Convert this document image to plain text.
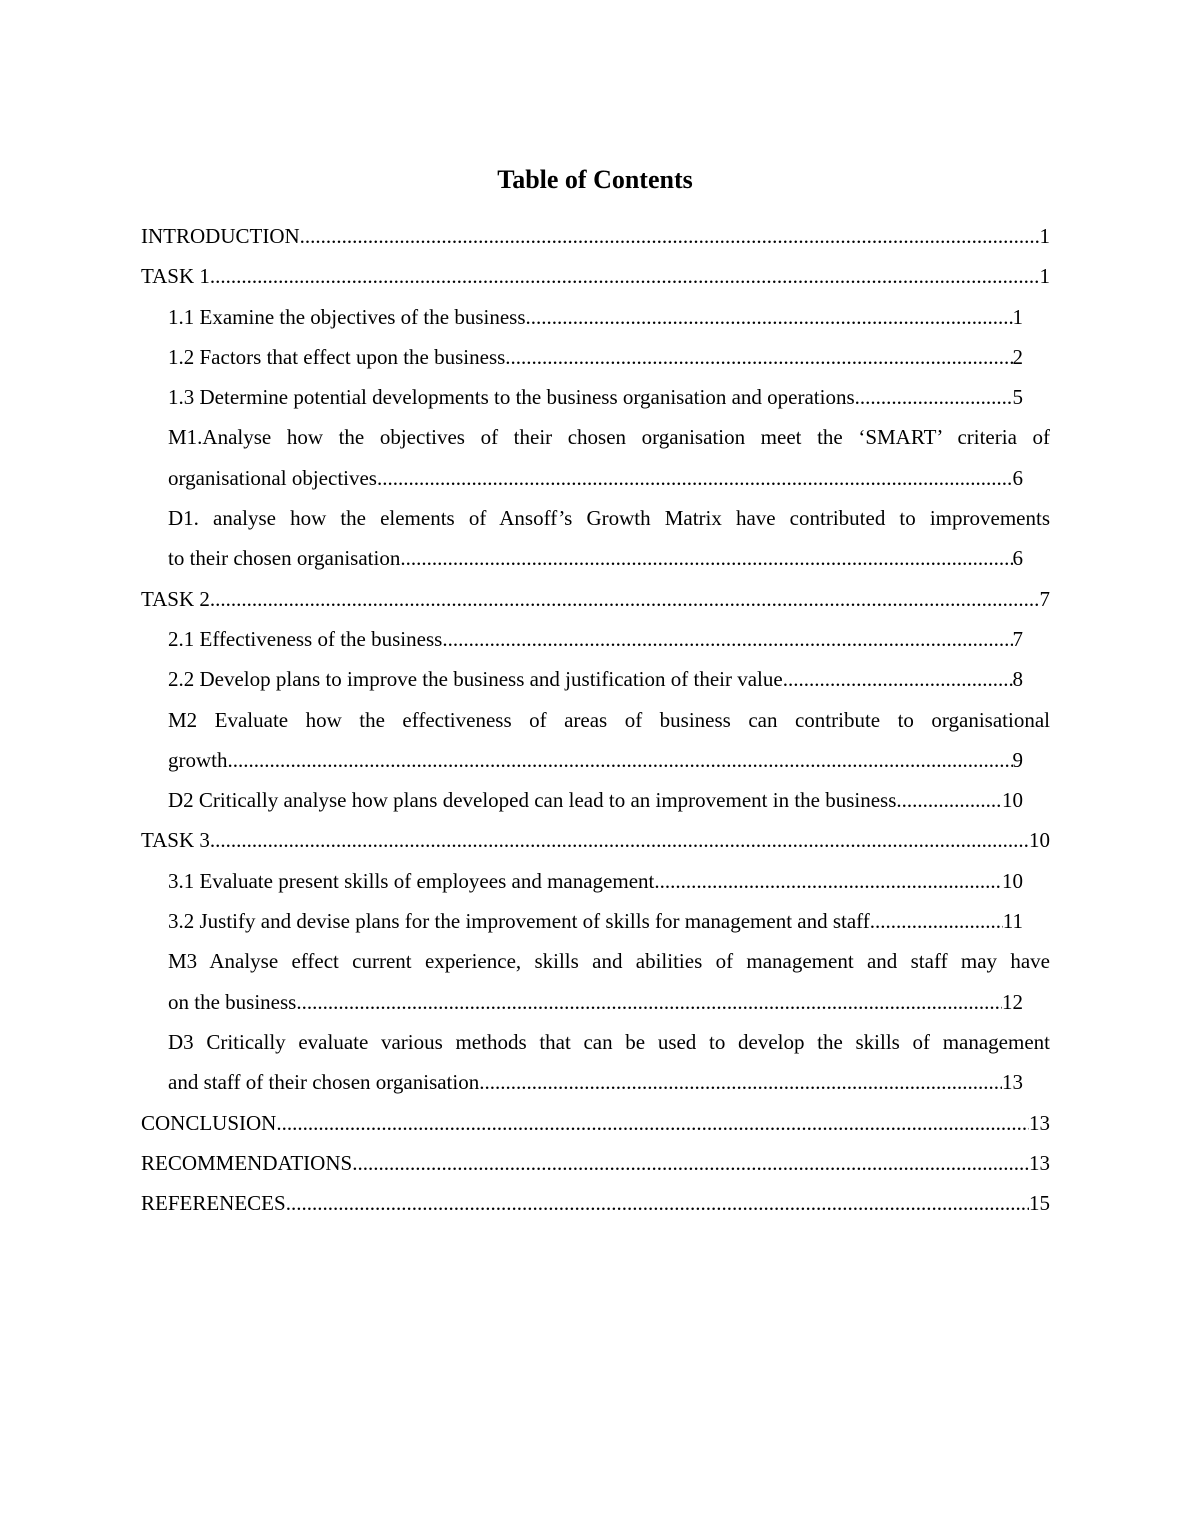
Table of Contents
INTRODUCTION .....	1
TASK 1 .....	1
1.1 Examine the objectives of the business .....	1
1.2 Factors that effect upon the business .....	2
1.3 Determine potential developments to the business organisation and operations .....	5
M1.Analyse how the objectives of their chosen organisation meet the ‘SMART’ criteria of
organisational objectives .....	6
D1. analyse how the elements of Ansoff’s Growth Matrix have contributed to improvements
to their chosen organisation .....	6
TASK 2 .....	7
2.1 Effectiveness of the business .....	7
2.2 Develop plans to improve the business and justification of their value .....	8
M2 Evaluate how the effectiveness of areas of business can contribute to organisational
growth .....	9
D2 Critically analyse how plans developed can lead to an improvement in the business .....	10
TASK 3 .....	10
3.1 Evaluate present skills of employees and management .....	10
3.2 Justify and devise plans for the improvement of skills for management and staff .....	11
M3 Analyse effect current experience, skills and abilities of management and staff may have
on the business .....	12
D3 Critically evaluate various methods that can be used to develop the skills of management
and staff of their chosen organisation .....	13
CONCLUSION .....	13
RECOMMENDATIONS .....	13
REFERENECES .....	15
